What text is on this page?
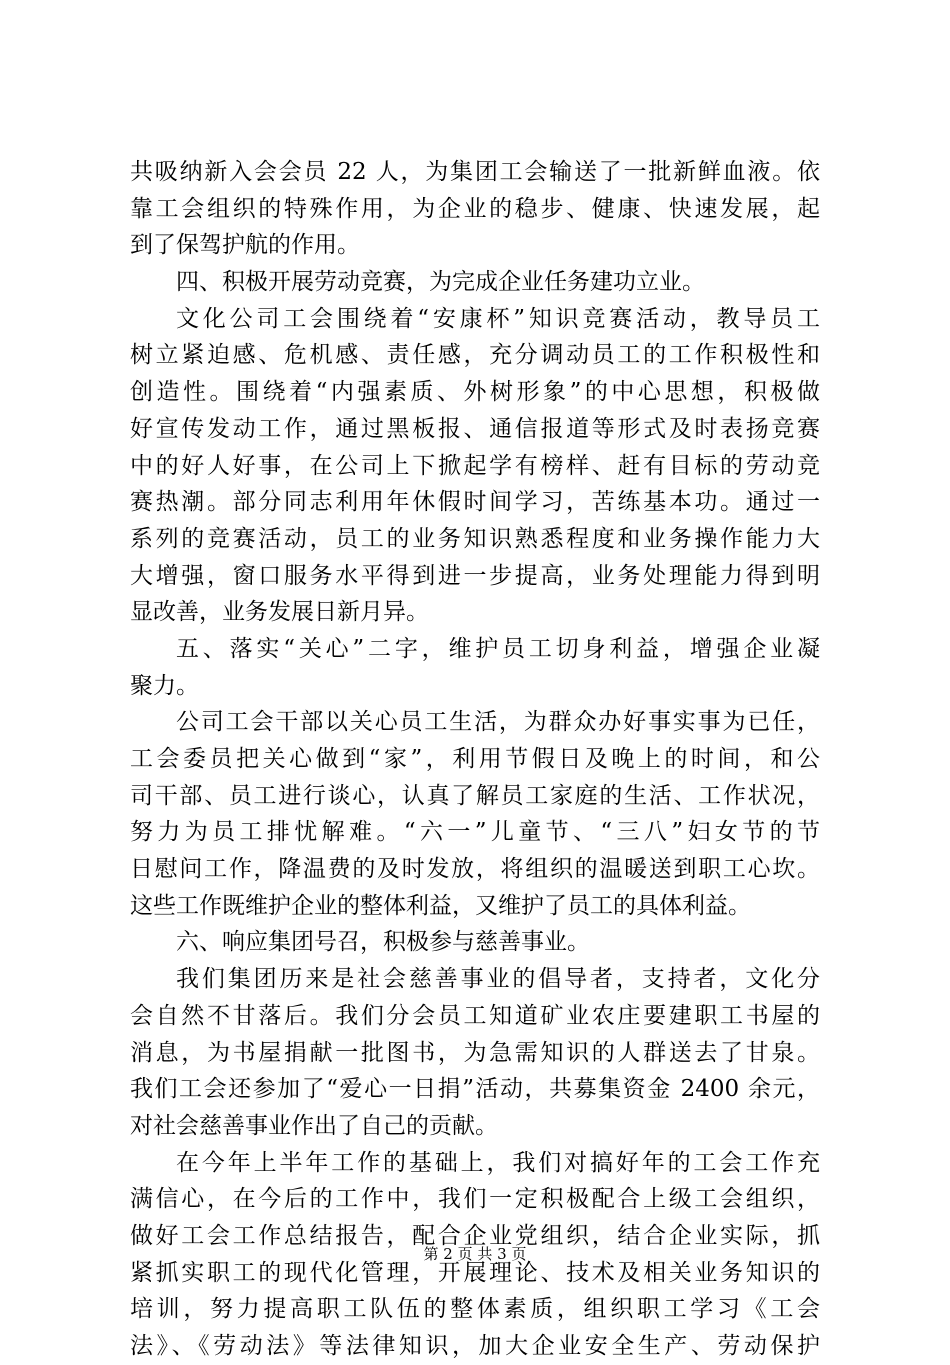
共吸纳新入会会员 22 人，为集团工会输送了一批新鲜血液。依
靠工会组织的特殊作用，为企业的稳步、健康、快速发展，起
到了保驾护航的作用。
四、积极开展劳动竞赛，为完成企业任务建功立业。
文化公司工会围绕着“安康杯”知识竞赛活动，教导员工
树立紧迫感、危机感、责任感，充分调动员工的工作积极性和
创造性。围绕着“内强素质、外树形象”的中心思想，积极做
好宣传发动工作，通过黑板报、通信报道等形式及时表扬竞赛
中的好人好事，在公司上下掀起学有榜样、赶有目标的劳动竞
赛热潮。部分同志利用年休假时间学习，苦练基本功。通过一
系列的竞赛活动，员工的业务知识熟悉程度和业务操作能力大
大增强，窗口服务水平得到进一步提高，业务处理能力得到明
显改善，业务发展日新月异。
五、落实“关心”二字，维护员工切身利益，增强企业凝
聚力。
公司工会干部以关心员工生活，为群众办好事实事为已任，
工会委员把关心做到“家”，利用节假日及晚上的时间，和公
司干部、员工进行谈心，认真了解员工家庭的生活、工作状况，
努力为员工排忧解难。“六一”儿童节、“三八”妇女节的节
日慰问工作，降温费的及时发放，将组织的温暖送到职工心坎。
这些工作既维护企业的整体利益，又维护了员工的具体利益。
六、响应集团号召，积极参与慈善事业。
我们集团历来是社会慈善事业的倡导者，支持者，文化分
会自然不甘落后。我们分会员工知道矿业农庄要建职工书屋的
消息，为书屋捐献一批图书，为急需知识的人群送去了甘泉。
我们工会还参加了“爱心一日捐”活动，共募集资金 2400 余元，
对社会慈善事业作出了自己的贡献。
在今年上半年工作的基础上，我们对搞好年的工会工作充
满信心，在今后的工作中，我们一定积极配合上级工会组织，
做好工会工作总结报告，配合企业党组织，结合企业实际，抓
紧抓实职工的现代化管理，开展理论、技术及相关业务知识的
培训，努力提高职工队伍的整体素质，组织职工学习《工会
法》、《劳动法》等法律知识，加大企业安全生产、劳动保护
第 2 页 共 3 页
